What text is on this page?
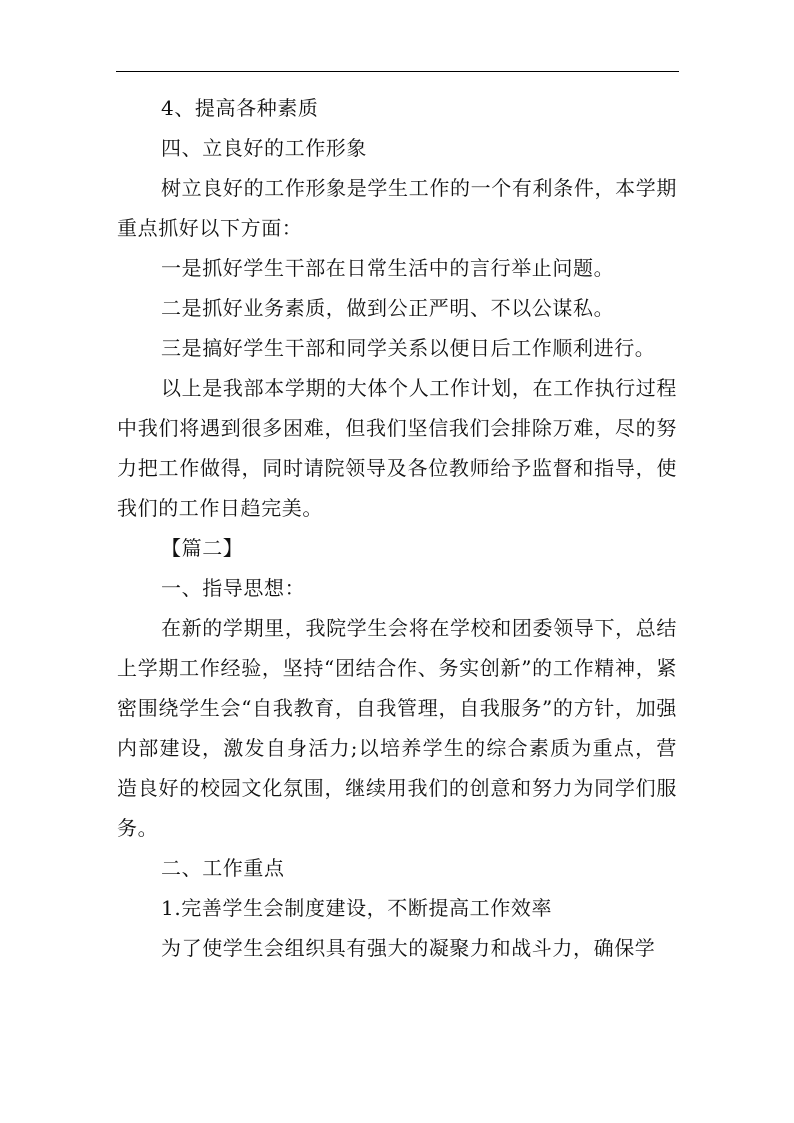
4、提高各种素质

四、立良好的工作形象

树立良好的工作形象是学生工作的一个有利条件，本学期重点抓好以下方面：

一是抓好学生干部在日常生活中的言行举止问题。

二是抓好业务素质，做到公正严明、不以公谋私。

三是搞好学生干部和同学关系以便日后工作顺利进行。

以上是我部本学期的大体个人工作计划，在工作执行过程中我们将遇到很多困难，但我们坚信我们会排除万难，尽的努力把工作做得，同时请院领导及各位教师给予监督和指导，使我们的工作日趋完美。

【篇二】

一、指导思想：

在新的学期里，我院学生会将在学校和团委领导下，总结上学期工作经验，坚持“团结合作、务实创新”的工作精神，紧密围绕学生会“自我教育，自我管理，自我服务”的方针，加强内部建设，激发自身活力;以培养学生的综合素质为重点，营造良好的校园文化氛围，继续用我们的创意和努力为同学们服务。

二、工作重点

1.完善学生会制度建设，不断提高工作效率

为了使学生会组织具有强大的凝聚力和战斗力，确保学
